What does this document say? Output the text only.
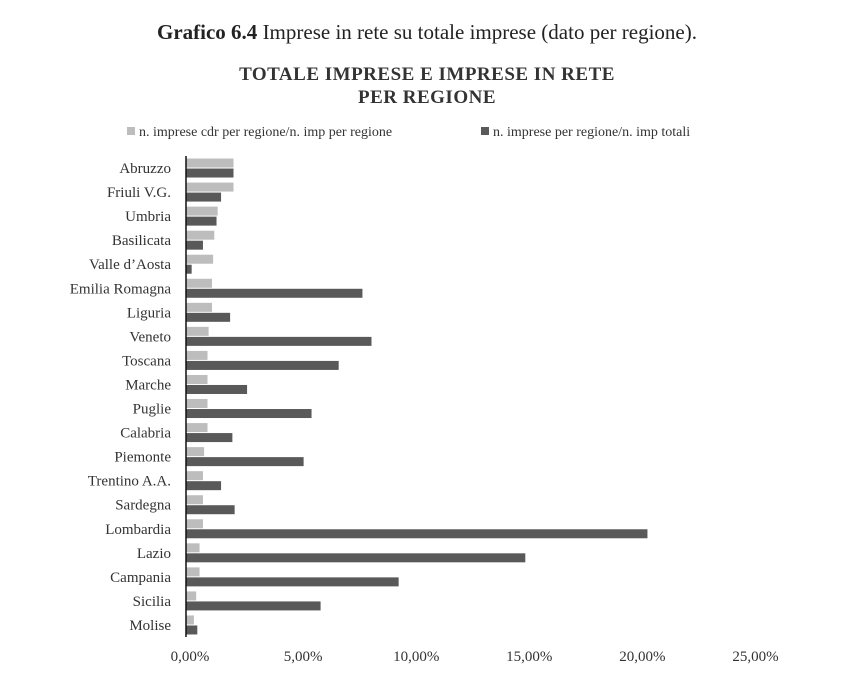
Grafico 6.4 Imprese in rete su totale imprese (dato per regione).
TOTALE IMPRESE E IMPRESE IN RETE
PER REGIONE
n. imprese cdr per regione/n. imp per regione	n. imprese per regione/n. imp totali
Abruzzo
Friuli V.G.
Umbria
Basilicata
Valle d’Aosta
Emilia Romagna
Liguria
Veneto
Toscana
Marche
Puglie
Calabria
Piemonte
Trentino A.A.
Sardegna
Lombardia
Lazio
Campania
Sicilia
Molise
0,00%	5,00%	10,00%	15,00%	20,00%	25,00%
